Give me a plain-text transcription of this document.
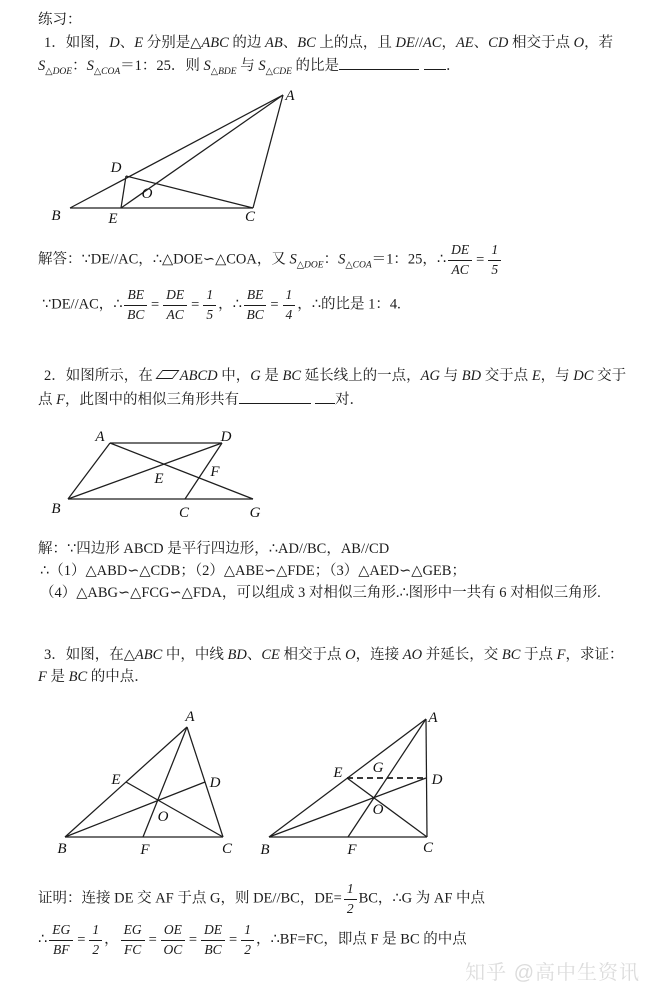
练习：
1．如图，D、E 分别是△ABC 的边 AB、BC 上的点，且 DE//AC，AE、CD 相交于点 O，若
$S_{\triangle DOE}$：$S_{\triangle COA}=1$：25．则 $S_{\triangle BDE}$ 与 $S_{\triangle CDE}$ 的比是	．
A
B	C
D
E
O
解答：∵DE//AC，∴△DOE∽△COA，又 $S_{\triangle DOE}$：$S_{\triangle COA}=1$：25，∴ $\frac{DE}{AC} = \frac{1}{5}$
∵DE//AC，∴ $\frac{BE}{BC} = \frac{DE}{AC} = \frac{1}{5}$ ，∴ $\frac{BE}{BC} = \frac{1}{4}$ ，∴的比是 1：4.
2．如图所示，在 ABCD 中，G 是 BC 延长线上的一点，AG 与 BD 交于点 E，与 DC 交于
点 F，此图中的相似三角形共有	对．
A	D
B	C	G
E	F
解：∵四边形 ABCD 是平行四边形，∴AD//BC，AB//CD
∴（1）△ABD∽△CDB；（2）△ABE∽△FDE；（3）△AED∽△GEB；
（4）△ABG∽△FCG∽△FDA，可以组成 3 对相似三角形.∴图形中一共有 6 对相似三角形.
3．如图，在△ABC 中，中线 BD、CE 相交于点 O，连接 AO 并延长，交 BC 于点 F，求证：
F 是 BC 的中点．
A
B	C
E	D
O
F
A
B	C
E	D
G
O
F
证明：连接 DE 交 AF 于点 G，则 DE//BC，$DE= \frac{1}{2}$ BC，∴G 为 AF 中点
∴ $\frac{EG}{BF} = \frac{1}{2}$ ， $\frac{EG}{FC} = \frac{OE}{OC} = \frac{DE}{BC} = \frac{1}{2}$ ，∴BF=FC，即点 F 是 BC 的中点
知乎 @高中生资讯
